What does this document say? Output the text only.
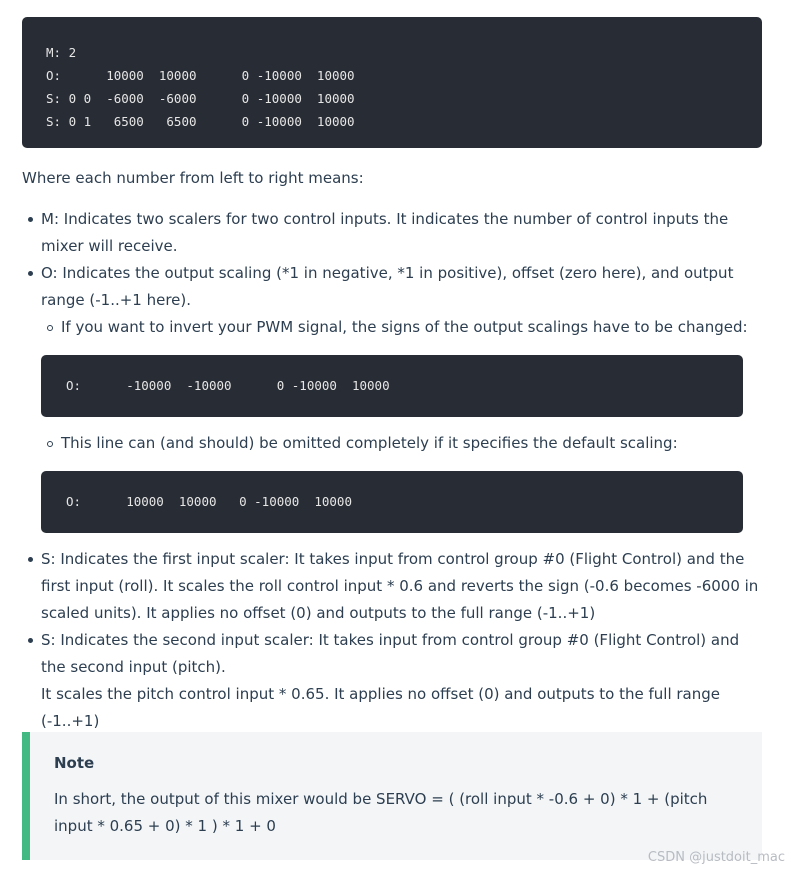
M: 2
O:      10000  10000      0 -10000  10000
S: 0 0  -6000  -6000      0 -10000  10000
S: 0 1   6500   6500      0 -10000  10000

Where each number from left to right means:

M: Indicates two scalers for two control inputs. It indicates the number of control inputs the mixer will receive.
O: Indicates the output scaling (*1 in negative, *1 in positive), offset (zero here), and output range (-1..+1 here).
If you want to invert your PWM signal, the signs of the output scalings have to be changed:
O:      -10000  -10000      0 -10000  10000
This line can (and should) be omitted completely if it specifies the default scaling:
O:      10000  10000   0 -10000  10000
S: Indicates the first input scaler: It takes input from control group #0 (Flight Control) and the first input (roll). It scales the roll control input * 0.6 and reverts the sign (-0.6 becomes -6000 in scaled units). It applies no offset (0) and outputs to the full range (-1..+1)
S: Indicates the second input scaler: It takes input from control group #0 (Flight Control) and the second input (pitch).
It scales the pitch control input * 0.65. It applies no offset (0) and outputs to the full range (-1..+1)

Note

In short, the output of this mixer would be SERVO = ( (roll input * -0.6 + 0) * 1 + (pitch input * 0.65 + 0) * 1 ) * 1 + 0

CSDN @justdoit_mac
